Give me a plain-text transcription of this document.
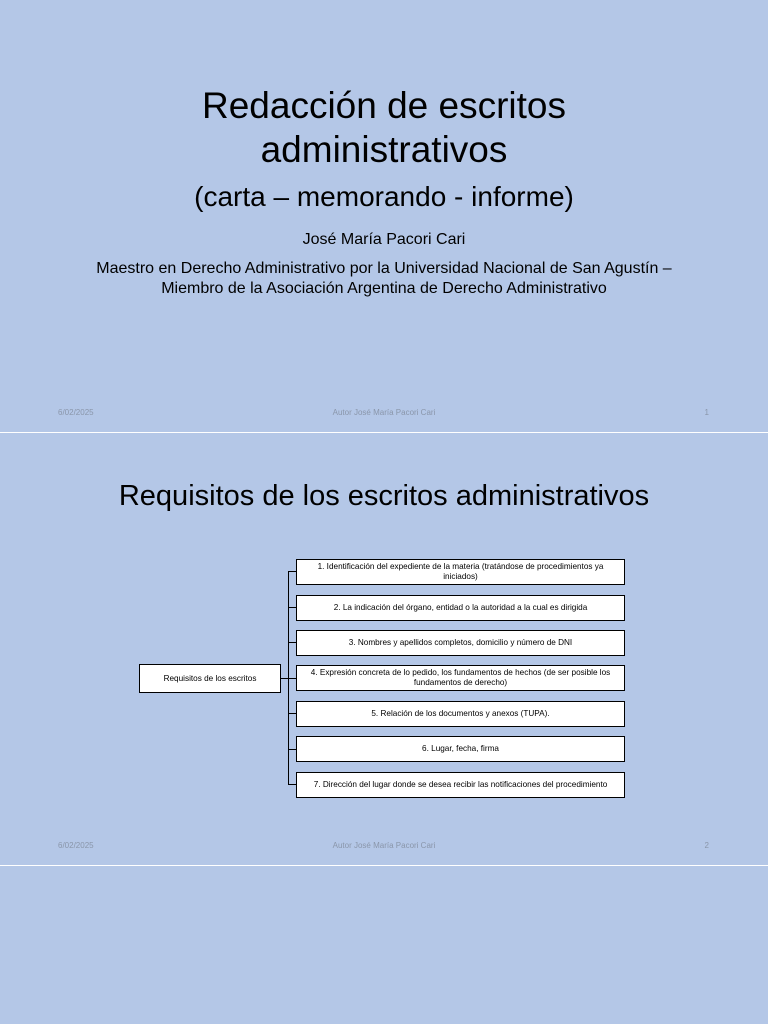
Redacción de escritos
administrativos

(carta – memorando - informe)

José María Pacori Cari
Maestro en Derecho Administrativo por la Universidad Nacional de San Agustín – Miembro de la Asociación Argentina de Derecho Administrativo
6/02/2025	Autor José María Pacori Cari	1
Requisitos de los escritos administrativos
Requisitos de los escritos
1. Identificación del expediente de la materia (tratándose de procedimientos ya iniciados)
2. La indicación del órgano, entidad o la autoridad a la cual es dirigida
3. Nombres y apellidos completos, domicilio y número de DNI
4. Expresión concreta de lo pedido, los fundamentos de hechos (de ser posible los fundamentos de derecho)
5. Relación de los documentos y anexos (TUPA).
6. Lugar, fecha, firma
7. Dirección del lugar donde se desea recibir las notificaciones del procedimiento
6/02/2025	Autor José María Pacori Cari	2
